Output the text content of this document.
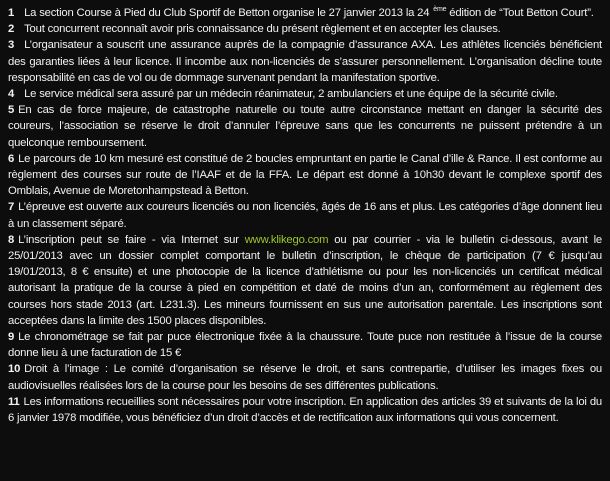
1 La section Course à Pied du Club Sportif de Betton organise le 27 janvier 2013 la 24 $^{ème}$ édition de “Tout Betton Court”.

2 Tout concurrent reconnaît avoir pris connaissance du présent règlement et en accepter les clauses.

3 L’organisateur a souscrit une assurance auprès de la compagnie d’assurance AXA. Les athlètes licenciés bénéficient des garanties liées à leur licence. Il incombe aux non-licenciés de s’assurer personnellement. L’organisation décline toute responsabilité en cas de vol ou de dommage survenant pendant la manifestation sportive.

4 Le service médical sera assuré par un médecin réanimateur, 2 ambulanciers et une équipe de la sécurité civile.

5 En cas de force majeure, de catastrophe naturelle ou toute autre circonstance mettant en danger la sécurité des coureurs, l’association se réserve le droit d’annuler l’épreuve sans que les concurrents ne puissent prétendre à un quelconque remboursement.

6 Le parcours de 10 km mesuré est constitué de 2 boucles empruntant en partie le Canal d’ille & Rance. Il est conforme au règlement des courses sur route de l’IAAF et de la FFA. Le départ est donné à 10h30 devant le complexe sportif des Omblais, Avenue de Moretonhampstead à Betton.

7 L’épreuve est ouverte aux coureurs licenciés ou non licenciés, âgés de 16 ans et plus. Les catégories d’âge donnent lieu à un classement séparé.

8 L’inscription peut se faire - via Internet sur www.klikego.com ou par courrier - via le bulletin ci-dessous, avant le 25/01/2013 avec un dossier complet comportant le bulletin d’inscription, le chèque de participation (7 € jusqu’au 19/01/2013, 8 € ensuite) et une photocopie de la licence d’athlétisme ou pour les non-licenciés un certificat médical autorisant la pratique de la course à pied en compétition et daté de moins d’un an, conformément au règlement des courses hors stade 2013 (art. L231.3). Les mineurs fournissent en sus une autorisation parentale. Les inscriptions sont acceptées dans la limite des 1500 places disponibles.

9 Le chronométrage se fait par puce électronique fixée à la chaussure. Toute puce non restituée à l’issue de la course donne lieu à une facturation de 15 €

10 Droit à l’image : Le comité d’organisation se réserve le droit, et sans contrepartie, d’utiliser les images fixes ou audiovisuelles réalisées lors de la course pour les besoins de ses différentes publications.

11 Les informations recueillies sont nécessaires pour votre inscription. En application des articles 39 et suivants de la loi du 6 janvier 1978 modifiée, vous bénéficiez d’un droit d’accès et de rectification aux informations qui vous concernent.
